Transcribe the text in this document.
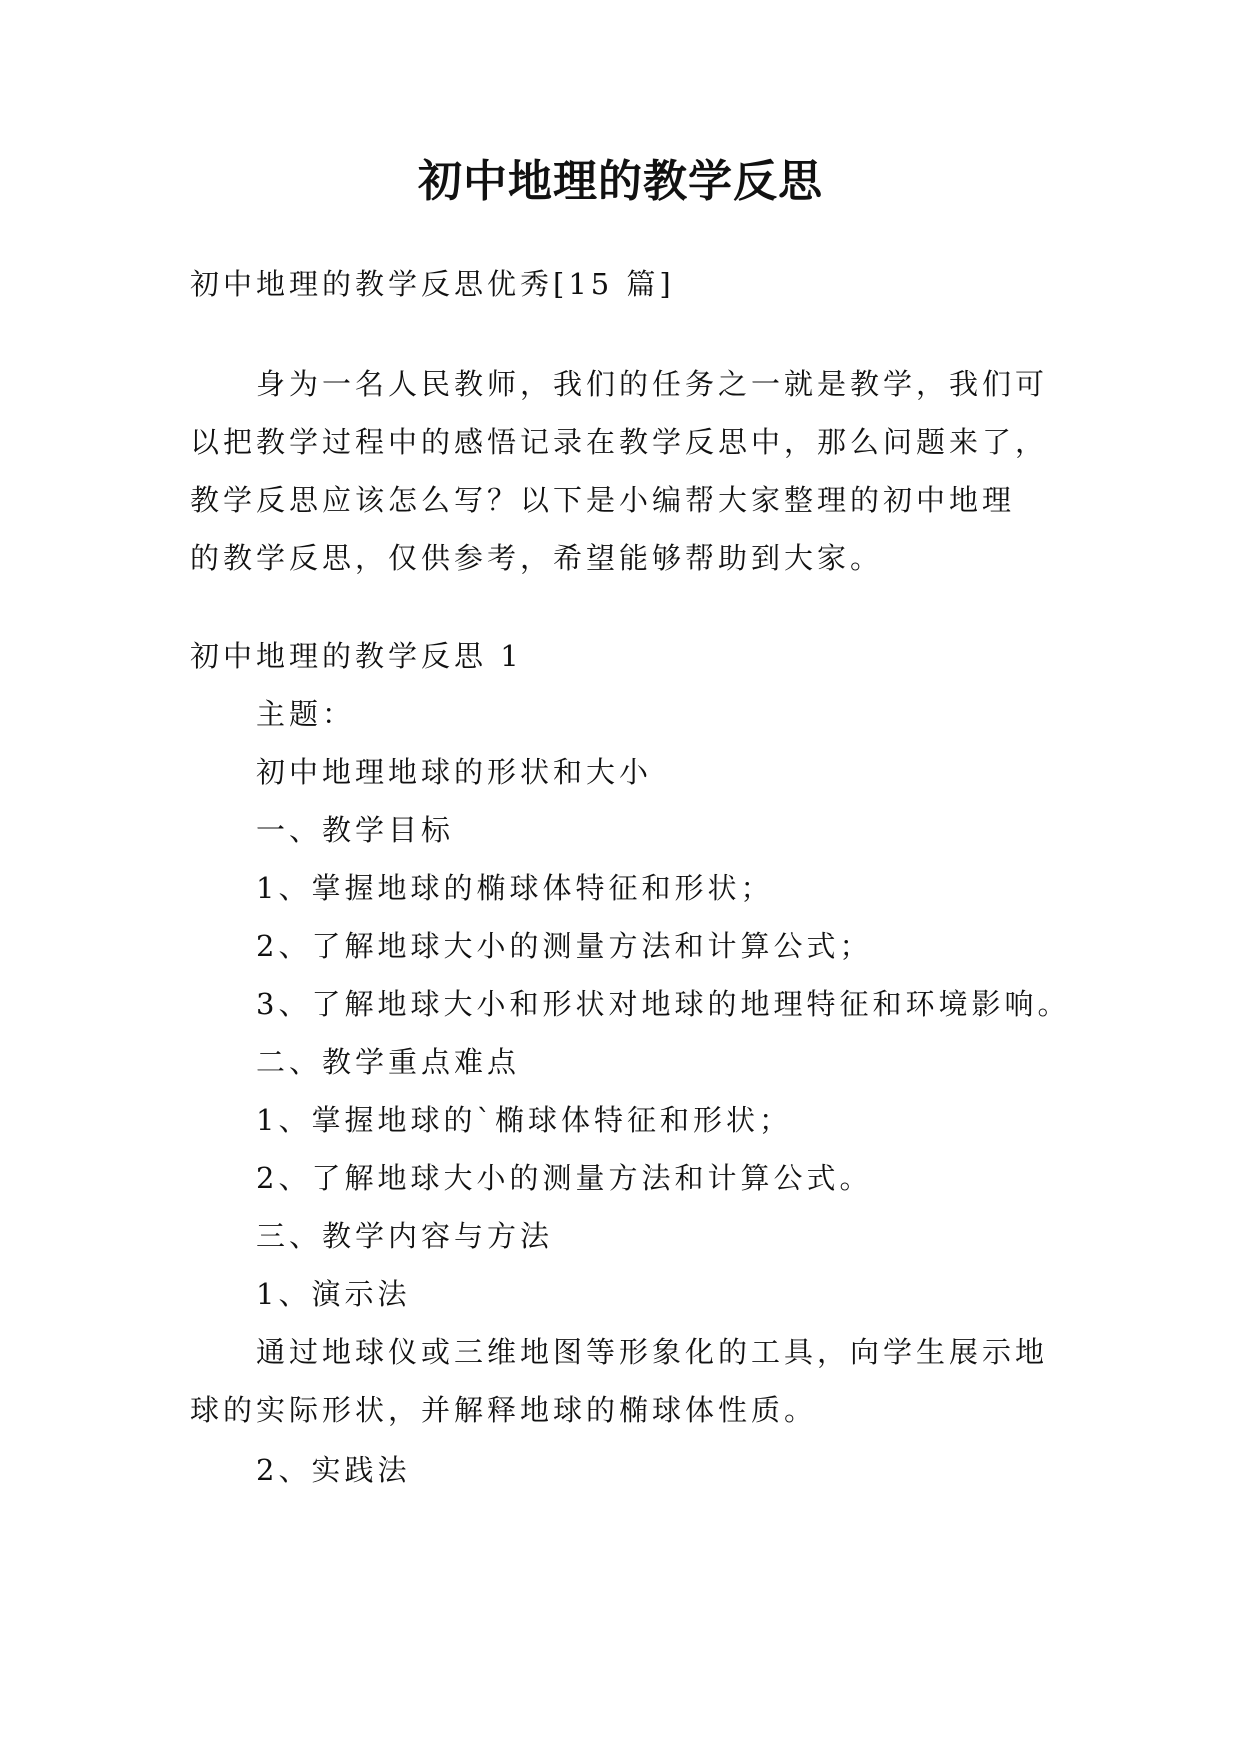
初中地理的教学反思
初中地理的教学反思优秀[15 篇]
身为一名人民教师，我们的任务之一就是教学，我们可
以把教学过程中的感悟记录在教学反思中，那么问题来了，
教学反思应该怎么写？以下是小编帮大家整理的初中地理
的教学反思，仅供参考，希望能够帮助到大家。
初中地理的教学反思 1
主题：
初中地理地球的形状和大小
一、教学目标
1、掌握地球的椭球体特征和形状；
2、了解地球大小的测量方法和计算公式；
3、了解地球大小和形状对地球的地理特征和环境影响。
二、教学重点难点
1、掌握地球的`椭球体特征和形状；
2、了解地球大小的测量方法和计算公式。
三、教学内容与方法
1、演示法
通过地球仪或三维地图等形象化的工具，向学生展示地
球的实际形状，并解释地球的椭球体性质。
2、实践法
